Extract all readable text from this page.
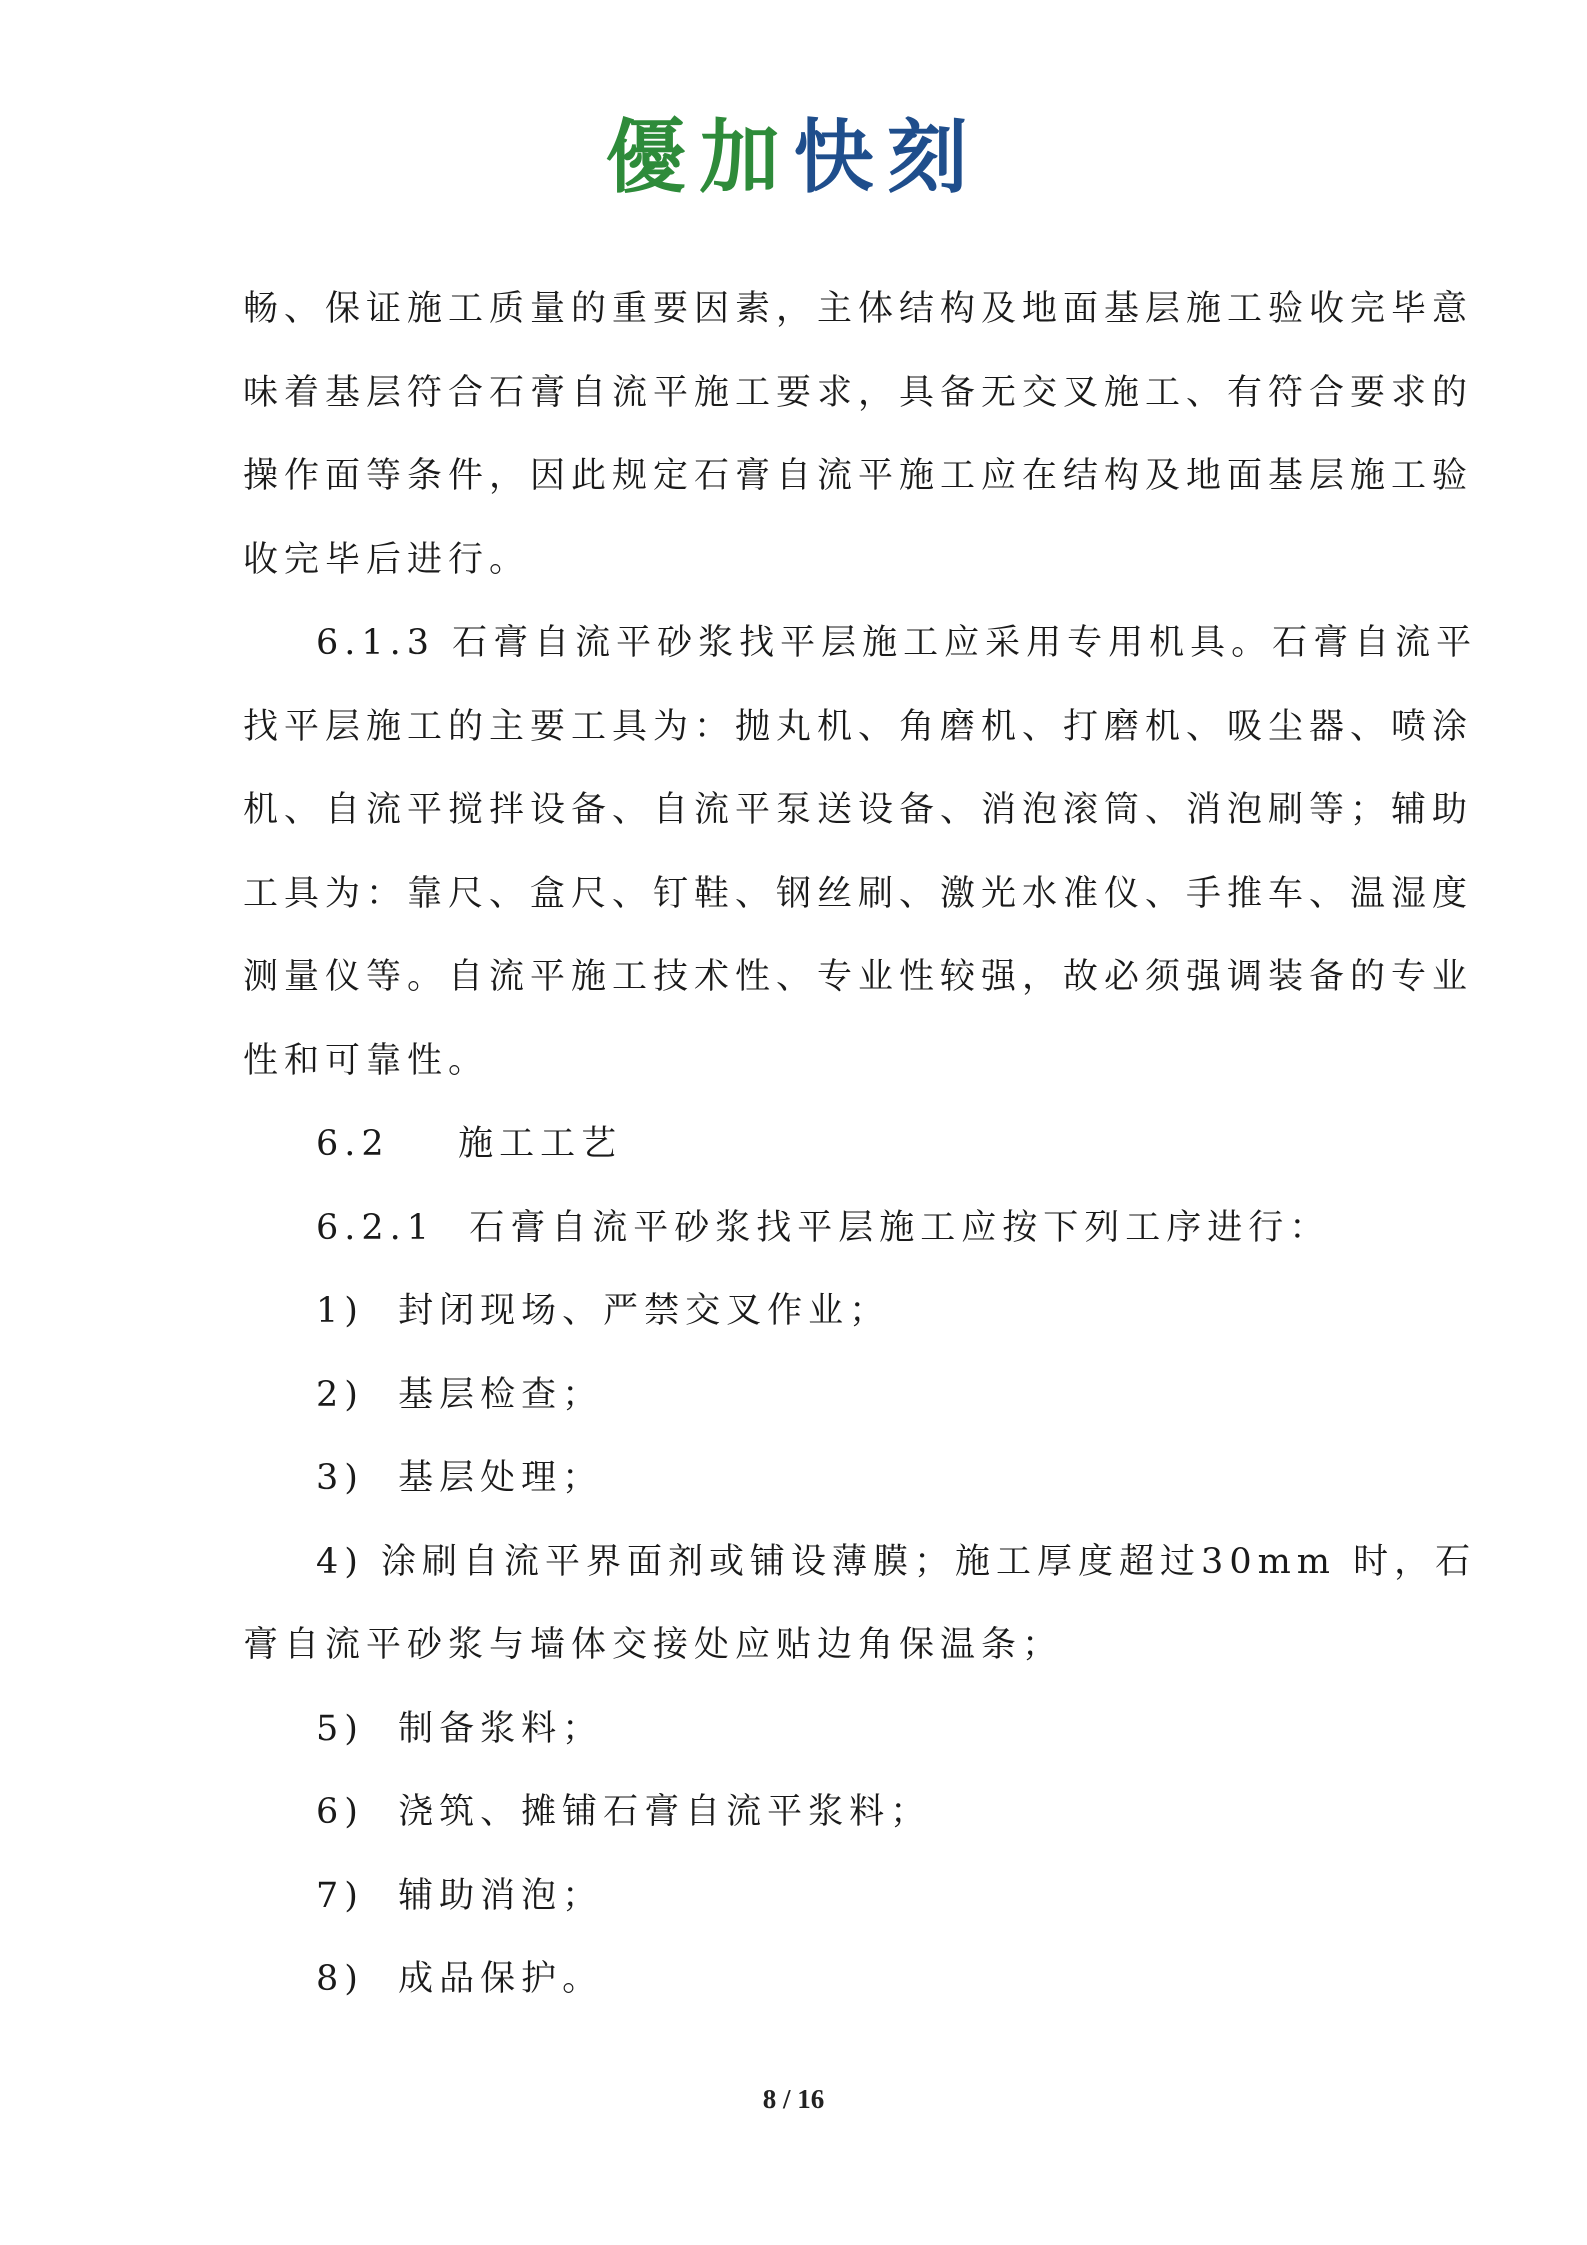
優加快刻
畅、保证施工质量的重要因素，主体结构及地面基层施工验收完毕意
味着基层符合石膏自流平施工要求，具备无交叉施工、有符合要求的
操作面等条件，因此规定石膏自流平施工应在结构及地面基层施工验
收完毕后进行。
6.1.3 石膏自流平砂浆找平层施工应采用专用机具。石膏自流平
找平层施工的主要工具为：抛丸机、角磨机、打磨机、吸尘器、喷涂
机、自流平搅拌设备、自流平泵送设备、消泡滚筒、消泡刷等；辅助
工具为：靠尺、盒尺、钉鞋、钢丝刷、激光水准仪、手推车、温湿度
测量仪等。自流平施工技术性、专业性较强，故必须强调装备的专业
性和可靠性。
6.2    施工工艺
6.2.1  石膏自流平砂浆找平层施工应按下列工序进行：
1)  封闭现场、严禁交叉作业；
2)  基层检查；
3)  基层处理；
4) 涂刷自流平界面剂或铺设薄膜；施工厚度超过30mm 时，石
膏自流平砂浆与墙体交接处应贴边角保温条；
5)  制备浆料；
6)  浇筑、摊铺石膏自流平浆料；
7)  辅助消泡；
8)  成品保护。
8 / 16
